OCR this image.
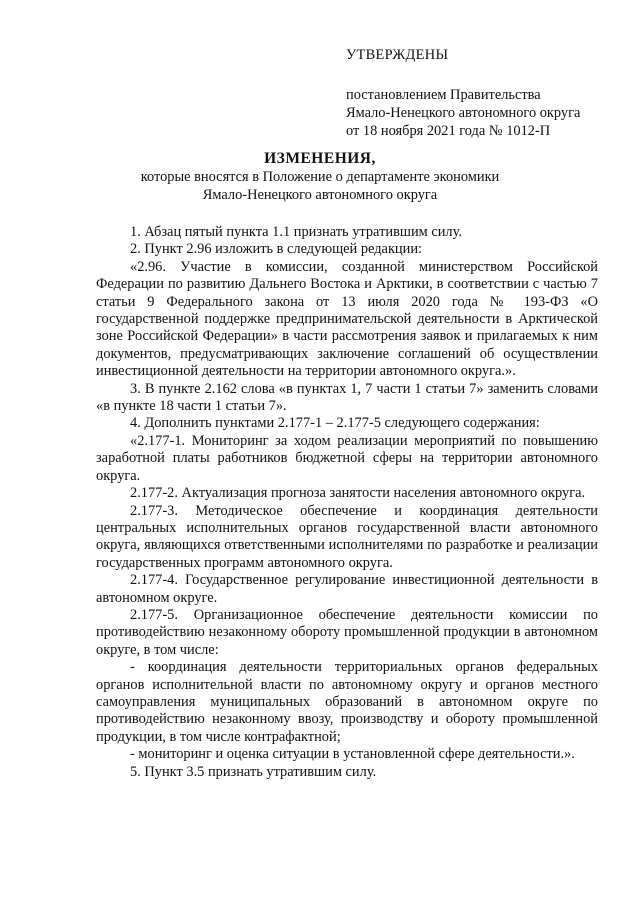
УТВЕРЖДЕНЫ
постановлением Правительства
Ямало-Ненецкого автономного округа
от 18 ноября 2021 года № 1012-П
ИЗМЕНЕНИЯ,
которые вносятся в Положение о департаменте экономики
Ямало-Ненецкого автономного округа

1. Абзац пятый пункта 1.1 признать утратившим силу.

2. Пункт 2.96 изложить в следующей редакции:

«2.96. Участие в комиссии, созданной министерством Российской Федерации по развитию Дальнего Востока и Арктики, в соответствии с частью 7 статьи 9 Федерального закона от 13 июля 2020 года № 193-ФЗ «О государственной поддержке предпринимательской деятельности в Арктической зоне Российской Федерации» в части рассмотрения заявок и прилагаемых к ним документов, предусматривающих заключение соглашений об осуществлении инвестиционной деятельности на территории автономного округа.».

3. В пункте 2.162 слова «в пунктах 1, 7 части 1 статьи 7» заменить словами «в пункте 18 части 1 статьи 7».

4. Дополнить пунктами 2.177-1 – 2.177-5 следующего содержания:

«2.177-1. Мониторинг за ходом реализации мероприятий по повышению заработной платы работников бюджетной сферы на территории автономного округа.

2.177-2. Актуализация прогноза занятости населения автономного округа.

2.177-3. Методическое обеспечение и координация деятельности центральных исполнительных органов государственной власти автономного округа, являющихся ответственными исполнителями по разработке и реализации государственных программ автономного округа.

2.177-4. Государственное регулирование инвестиционной деятельности в автономном округе.

2.177-5. Организационное обеспечение деятельности комиссии по противодействию незаконному обороту промышленной продукции в автономном округе, в том числе:

- координация деятельности территориальных органов федеральных органов исполнительной власти по автономному округу и органов местного самоуправления муниципальных образований в автономном округе по противодействию незаконному ввозу, производству и обороту промышленной продукции, в том числе контрафактной;

- мониторинг и оценка ситуации в установленной сфере деятельности.».

5. Пункт 3.5 признать утратившим силу.
